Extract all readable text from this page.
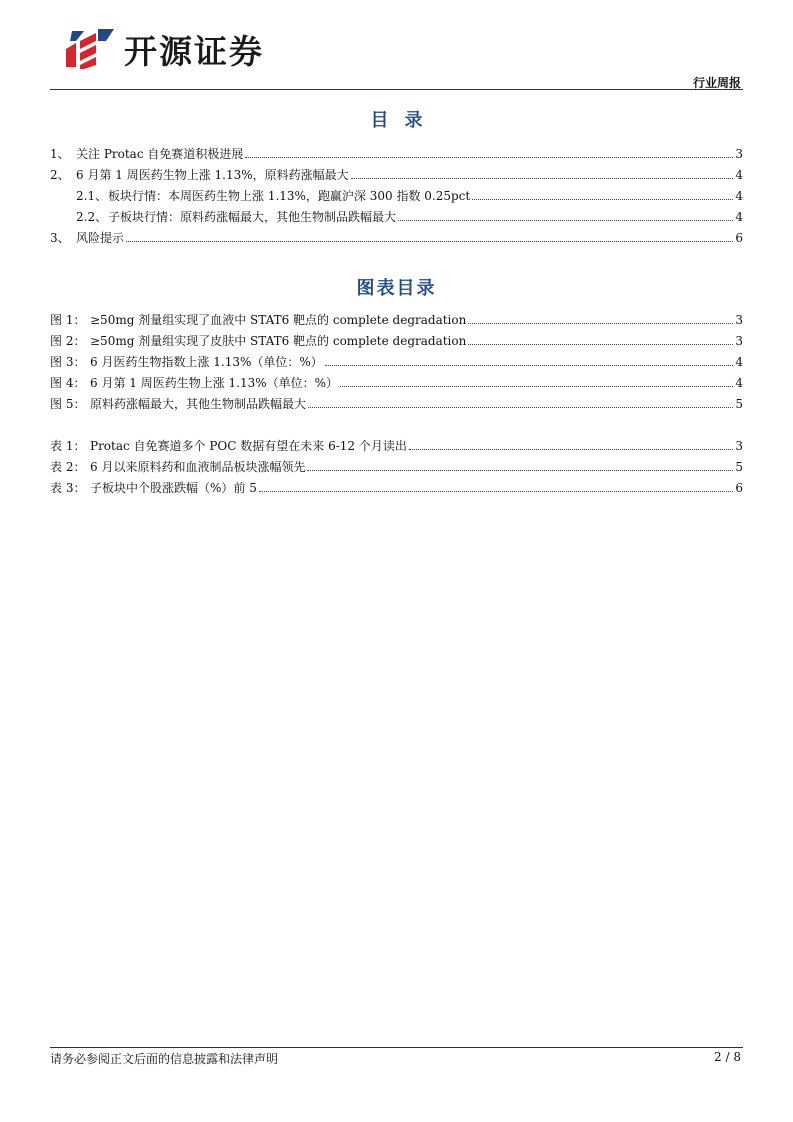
开源证券
行业周报
目录
1、 关注 Protac 自免赛道积极进展	3
2、 6 月第 1 周医药生物上涨 1.13%，原料药涨幅最大	4
2.1、板块行情：本周医药生物上涨 1.13%，跑赢沪深 300 指数 0.25pct	4
2.2、子板块行情：原料药涨幅最大，其他生物制品跌幅最大	4
3、 风险提示	6
图表目录
图 1： ≥50mg 剂量组实现了血液中 STAT6 靶点的 complete degradation	3
图 2： ≥50mg 剂量组实现了皮肤中 STAT6 靶点的 complete degradation	3
图 3： 6 月医药生物指数上涨 1.13%（单位：%）	4
图 4： 6 月第 1 周医药生物上涨 1.13%（单位：%）	4
图 5： 原料药涨幅最大，其他生物制品跌幅最大	5
表 1： Protac 自免赛道多个 POC 数据有望在未来 6-12 个月读出	3
表 2： 6 月以来原料药和血液制品板块涨幅领先	5
表 3： 子板块中个股涨跌幅（%）前 5	6
请务必参阅正文后面的信息披露和法律声明	2 / 8
